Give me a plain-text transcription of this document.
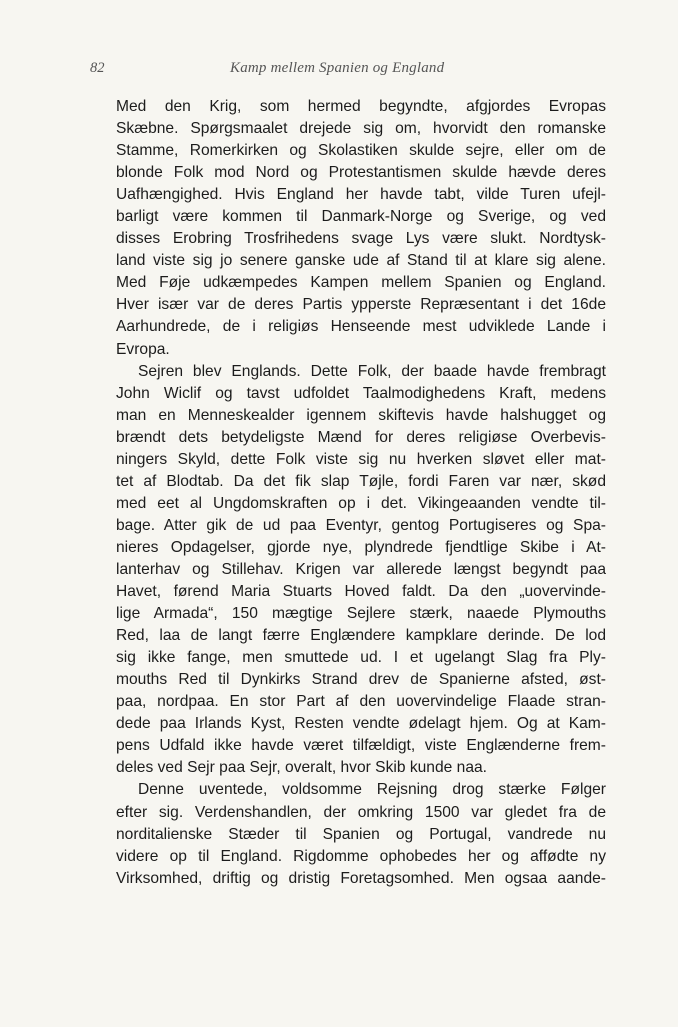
82	Kamp mellem Spanien og England
Med den Krig, som hermed begyndte, afgjordes Evropas
Skæbne. Spørgsmaalet drejede sig om, hvorvidt den romanske
Stamme, Romerkirken og Skolastiken skulde sejre, eller om de
blonde Folk mod Nord og Protestantismen skulde hævde deres
Uafhængighed. Hvis England her havde tabt, vilde Turen ufejl-
barligt være kommen til Danmark-Norge og Sverige, og ved
disses Erobring Trosfrihedens svage Lys være slukt. Nordtysk-
land viste sig jo senere ganske ude af Stand til at klare sig alene.
Med Føje udkæmpedes Kampen mellem Spanien og England.
Hver især var de deres Partis ypperste Repræsentant i det 16de
Aarhundrede, de i religiøs Henseende mest udviklede Lande i
Evropa.
Sejren blev Englands. Dette Folk, der baade havde frembragt
John Wiclif og tavst udfoldet Taalmodighedens Kraft, medens
man en Menneskealder igennem skiftevis havde halshugget og
brændt dets betydeligste Mænd for deres religiøse Overbevis-
ningers Skyld, dette Folk viste sig nu hverken sløvet eller mat-
tet af Blodtab. Da det fik slap Tøjle, fordi Faren var nær, skød
med eet al Ungdomskraften op i det. Vikingeaanden vendte til-
bage. Atter gik de ud paa Eventyr, gentog Portugiseres og Spa-
nieres Opdagelser, gjorde nye, plyndrede fjendtlige Skibe i At-
lanterhav og Stillehav. Krigen var allerede længst begyndt paa
Havet, førend Maria Stuarts Hoved faldt. Da den „uovervinde-
lige Armada“, 150 mægtige Sejlere stærk, naaede Plymouths
Red, laa de langt færre Englændere kampklare derinde. De lod
sig ikke fange, men smuttede ud. I et ugelangt Slag fra Ply-
mouths Red til Dynkirks Strand drev de Spanierne afsted, øst-
paa, nordpaa. En stor Part af den uovervindelige Flaade stran-
dede paa Irlands Kyst, Resten vendte ødelagt hjem. Og at Kam-
pens Udfald ikke havde været tilfældigt, viste Englænderne frem-
deles ved Sejr paa Sejr, overalt, hvor Skib kunde naa.
Denne uventede, voldsomme Rejsning drog stærke Følger
efter sig. Verdenshandlen, der omkring 1500 var gledet fra de
norditalienske Stæder til Spanien og Portugal, vandrede nu
videre op til England. Rigdomme ophobedes her og affødte ny
Virksomhed, driftig og dristig Foretagsomhed. Men ogsaa aande-
